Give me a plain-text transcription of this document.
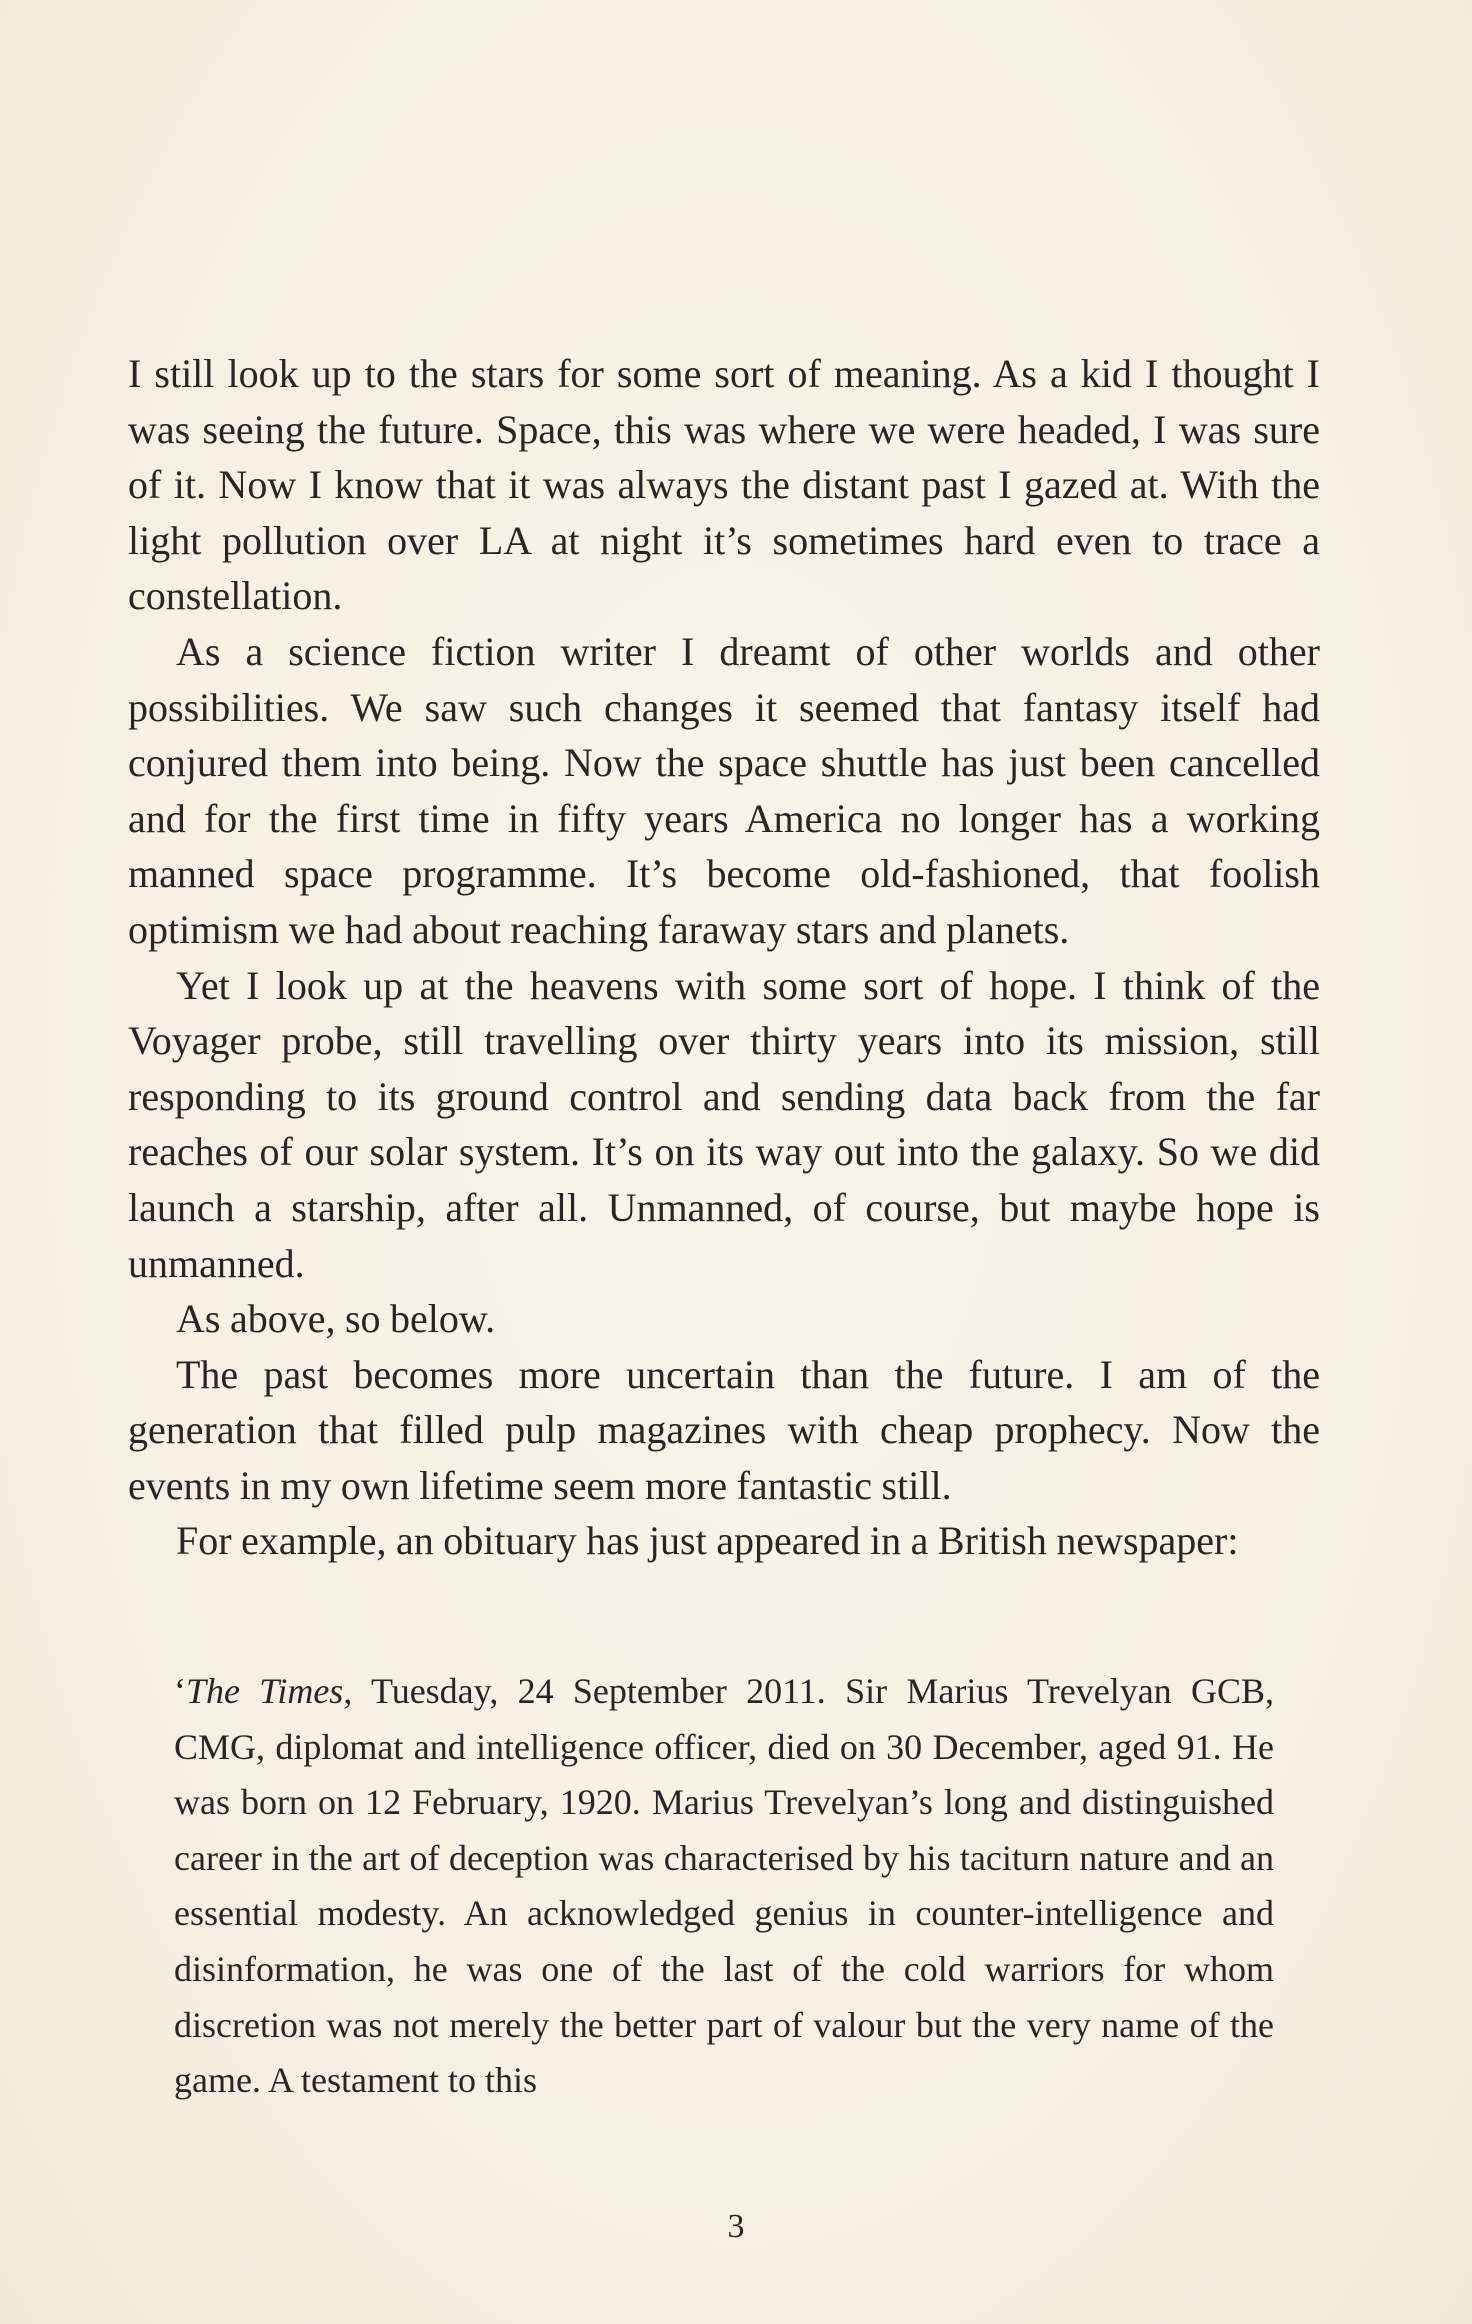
I still look up to the stars for some sort of meaning. As a kid I thought I was seeing the future. Space, this was where we were headed, I was sure of it. Now I know that it was always the distant past I gazed at. With the light pollution over LA at night it’s sometimes hard even to trace a constellation.

As a science fiction writer I dreamt of other worlds and other possibilities. We saw such changes it seemed that fantasy itself had conjured them into being. Now the space shuttle has just been cancelled and for the first time in fifty years America no longer has a working manned space programme. It’s become old-fashioned, that foolish optimism we had about reaching faraway stars and planets.

Yet I look up at the heavens with some sort of hope. I think of the Voyager probe, still travelling over thirty years into its mission, still responding to its ground control and sending data back from the far reaches of our solar system. It’s on its way out into the galaxy. So we did launch a starship, after all. Unmanned, of course, but maybe hope is unmanned.

As above, so below.

The past becomes more uncertain than the future. I am of the generation that filled pulp magazines with cheap prophecy. Now the events in my own lifetime seem more fantastic still.

For example, an obituary has just appeared in a British newspaper:

‘The Times, Tuesday, 24 September 2011. Sir Marius Trevelyan GCB, CMG, diplomat and intelligence officer, died on 30 December, aged 91. He was born on 12 February, 1920. Marius Trevelyan’s long and distinguished career in the art of deception was characterised by his taciturn nature and an essential modesty. An acknowledged genius in counter-intelligence and disinformation, he was one of the last of the cold warriors for whom discretion was not merely the better part of valour but the very name of the game. A testament to this

3
